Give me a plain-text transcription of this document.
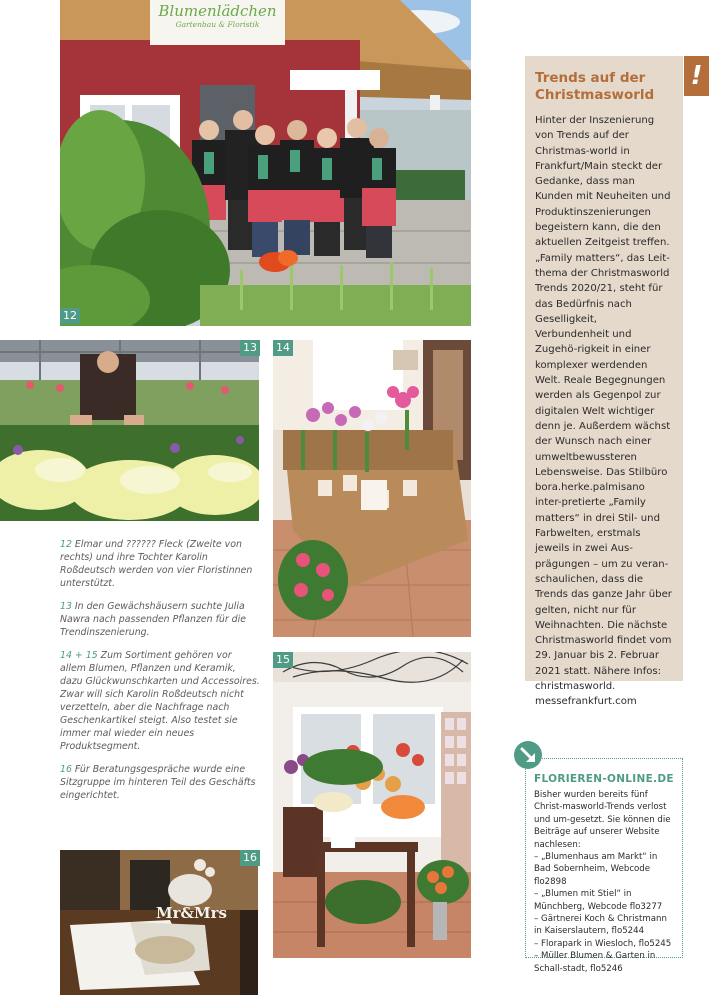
12
Blumenlädchen
Gartenbau & Floristik
13 14
15
Mr&Mrs
16

12 Elmar und ?????? Fleck (Zweite von rechts) und ihre Tochter Karolin Roßdeutsch werden von vier Floristinnen unterstützt.

13 In den Gewächshäusern suchte Julia Nawra nach passenden Pflanzen für die Trendinszenierung.

14 + 15 Zum Sortiment gehören vor allem Blumen, Pflanzen und Keramik, dazu Glückwunschkarten und Accessoires. Zwar will sich Karolin Roßdeutsch nicht verzetteln, aber die Nachfrage nach Geschenkartikel steigt. Also testet sie immer mal wieder ein neues Produktsegment.

16 Für Beratungsgespräche wurde eine Sitzgruppe im hinteren Teil des Geschäfts eingerichtet.

Trends auf der Christmasworld

Hinter der Inszenierung von Trends auf der Christmas-world in Frankfurt/Main steckt der Gedanke, dass man Kunden mit Neuheiten und Produktinszenierungen begeistern kann, die den aktuellen Zeitgeist treffen. „Family matters“, das Leit-thema der Christmasworld Trends 2020/21, steht für das Bedürfnis nach Geselligkeit, Verbundenheit und Zugehö-rigkeit in einer komplexer werdenden Welt. Reale Begegnungen werden als Gegenpol zur digitalen Welt wichtiger denn je. Außerdem wächst der Wunsch nach einer umweltbewussteren Lebensweise. Das Stilbüro bora.herke.palmisano inter-pretierte „Family matters“ in drei Stil- und Farbwelten, erstmals jeweils in zwei Aus-prägungen – um zu veran-schaulichen, dass die Trends das ganze Jahr über gelten, nicht nur für Weihnachten. Die nächste Christmasworld findet vom 29. Januar bis 2. Februar 2021 statt. Nähere Infos: christmasworld. messefrankfurt.com

!
FLORIEREN-ONLINE.DE

Bisher wurden bereits fünf Christ-masworld-Trends verlost und um-gesetzt. Sie können die Beiträge auf unserer Website nachlesen:

– „Blumenhaus am Markt“ in Bad Sobernheim, Webcode flo2898
– „Blumen mit Stiel“ in Münchberg, Webcode flo3277
– Gärtnerei Koch & Christmann in Kaiserslautern, flo5244
– Florapark in Wiesloch, flo5245
– Müller Blumen & Garten in Schall-stadt, flo5246
